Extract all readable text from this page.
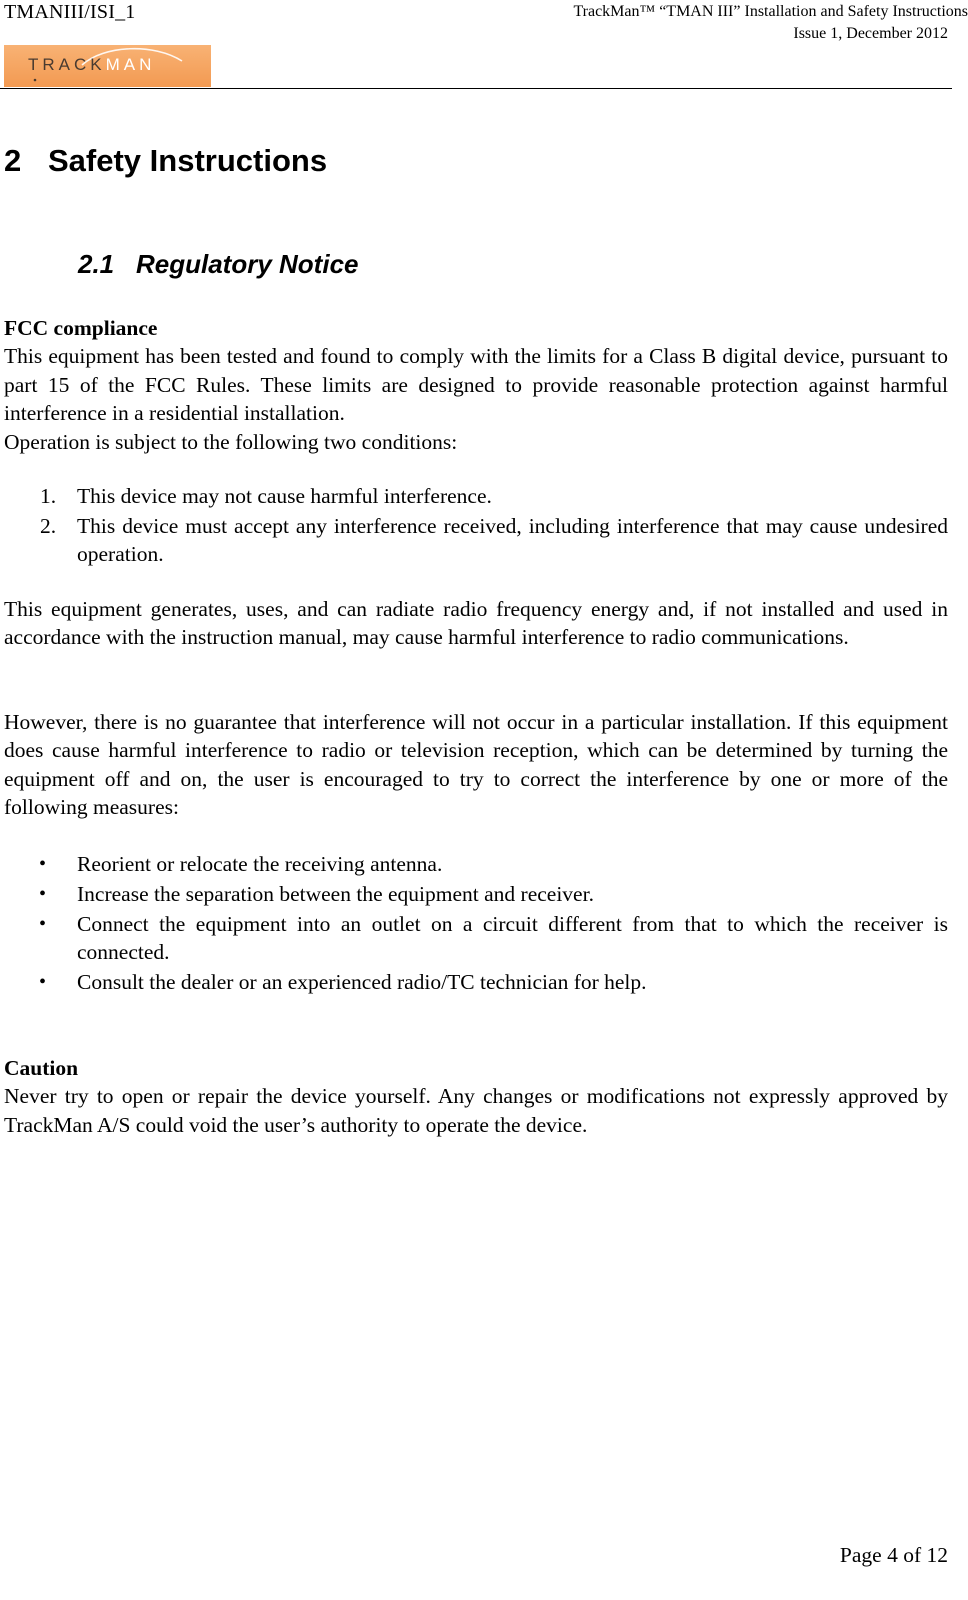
TMANIII/ISI_1	TrackMan™ “TMAN III” Installation and Safety Instructions
Issue 1, December 2012
TRACKMAN
2 Safety Instructions
2.1 Regulatory Notice
FCC compliance
This equipment has been tested and found to comply with the limits for a Class B digital device, pursuant to part 15 of the FCC Rules. These limits are designed to provide reasonable protection against harmful interference in a residential installation.
Operation is subject to the following two conditions:
1. This device may not cause harmful interference.
2. This device must accept any interference received, including interference that may cause undesired operation.
This equipment generates, uses, and can radiate radio frequency energy and, if not installed and used in accordance with the instruction manual, may cause harmful interference to radio communications.
However, there is no guarantee that interference will not occur in a particular installation. If this equipment does cause harmful interference to radio or television reception, which can be determined by turning the equipment off and on, the user is encouraged to try to correct the interference by one or more of the following measures:
• Reorient or relocate the receiving antenna.
• Increase the separation between the equipment and receiver.
• Connect the equipment into an outlet on a circuit different from that to which the receiver is connected.
• Consult the dealer or an experienced radio/TC technician for help.
Caution
Never try to open or repair the device yourself. Any changes or modifications not expressly approved by TrackMan A/S could void the user’s authority to operate the device.
Page 4 of 12
